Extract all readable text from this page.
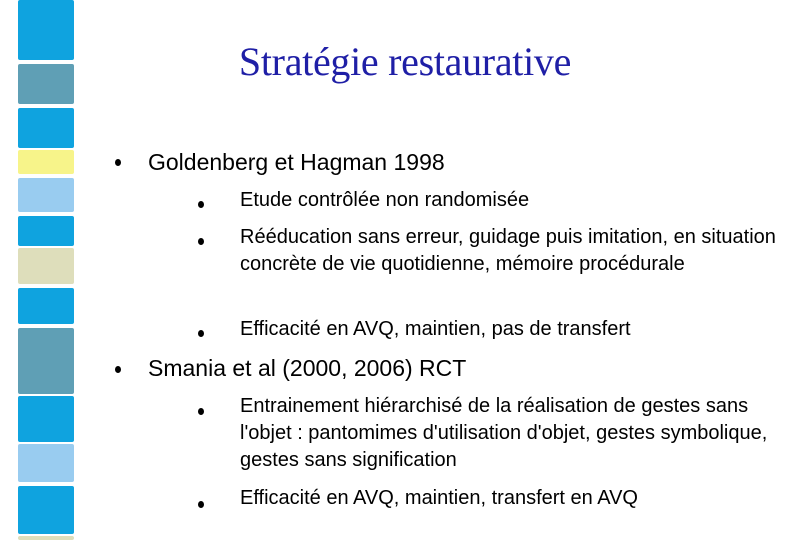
Stratégie restaurative
Goldenberg et Hagman 1998
Etude contrôlée non randomisée
Rééducation sans erreur, guidage puis imitation, en situation concrète de vie quotidienne, mémoire procédurale
Efficacité en AVQ, maintien, pas de transfert
Smania et al (2000, 2006) RCT
Entrainement hiérarchisé de la réalisation de gestes sans l'objet : pantomimes d'utilisation d'objet, gestes symbolique, gestes sans signification
Efficacité en AVQ, maintien, transfert en AVQ
